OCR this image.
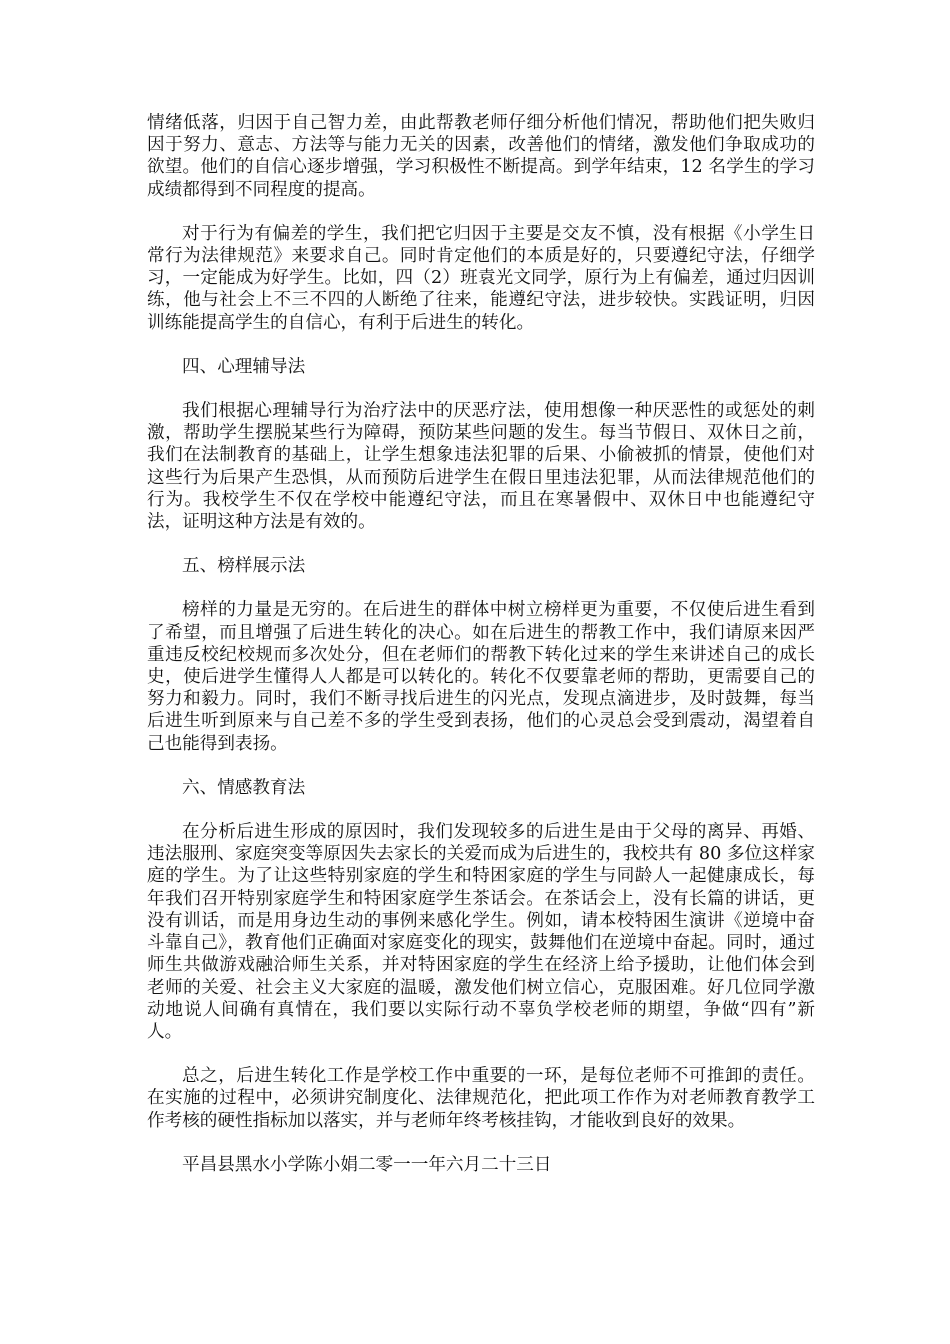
情绪低落，归因于自己智力差，由此帮教老师仔细分析他们情况，帮助他们把失败归因于努力、意志、方法等与能力无关的因素，改善他们的情绪，激发他们争取成功的欲望。他们的自信心逐步增强，学习积极性不断提高。到学年结束，12 名学生的学习成绩都得到不同程度的提高。

对于行为有偏差的学生，我们把它归因于主要是交友不慎，没有根据《小学生日常行为法律规范》来要求自己。同时肯定他们的本质是好的，只要遵纪守法，仔细学习，一定能成为好学生。比如，四（2）班袁光文同学，原行为上有偏差，通过归因训练，他与社会上不三不四的人断绝了往来，能遵纪守法，进步较快。实践证明，归因训练能提高学生的自信心，有利于后进生的转化。

四、心理辅导法

我们根据心理辅导行为治疗法中的厌恶疗法，使用想像一种厌恶性的或惩处的刺激，帮助学生摆脱某些行为障碍，预防某些问题的发生。每当节假日、双休日之前，我们在法制教育的基础上，让学生想象违法犯罪的后果、小偷被抓的情景，使他们对这些行为后果产生恐惧，从而预防后进学生在假日里违法犯罪，从而法律规范他们的行为。我校学生不仅在学校中能遵纪守法，而且在寒暑假中、双休日中也能遵纪守法，证明这种方法是有效的。

五、榜样展示法

榜样的力量是无穷的。在后进生的群体中树立榜样更为重要，不仅使后进生看到了希望，而且增强了后进生转化的决心。如在后进生的帮教工作中，我们请原来因严重违反校纪校规而多次处分，但在老师们的帮教下转化过来的学生来讲述自己的成长史，使后进学生懂得人人都是可以转化的。转化不仅要靠老师的帮助，更需要自己的努力和毅力。同时，我们不断寻找后进生的闪光点，发现点滴进步，及时鼓舞，每当后进生听到原来与自己差不多的学生受到表扬，他们的心灵总会受到震动，渴望着自己也能得到表扬。

六、情感教育法

在分析后进生形成的原因时，我们发现较多的后进生是由于父母的离异、再婚、违法服刑、家庭突变等原因失去家长的关爱而成为后进生的，我校共有 80 多位这样家庭的学生。为了让这些特别家庭的学生和特困家庭的学生与同龄人一起健康成长，每年我们召开特别家庭学生和特困家庭学生茶话会。在茶话会上，没有长篇的讲话，更没有训话，而是用身边生动的事例来感化学生。例如，请本校特困生演讲《逆境中奋斗靠自己》，教育他们正确面对家庭变化的现实，鼓舞他们在逆境中奋起。同时，通过师生共做游戏融洽师生关系，并对特困家庭的学生在经济上给予援助，让他们体会到老师的关爱、社会主义大家庭的温暖，激发他们树立信心，克服困难。好几位同学激动地说人间确有真情在，我们要以实际行动不辜负学校老师的期望，争做“四有”新人。

总之，后进生转化工作是学校工作中重要的一环，是每位老师不可推卸的责任。在实施的过程中，必须讲究制度化、法律规范化，把此项工作作为对老师教育教学工作考核的硬性指标加以落实，并与老师年终考核挂钩，才能收到良好的效果。

平昌县黑水小学陈小娟二零一一年六月二十三日
